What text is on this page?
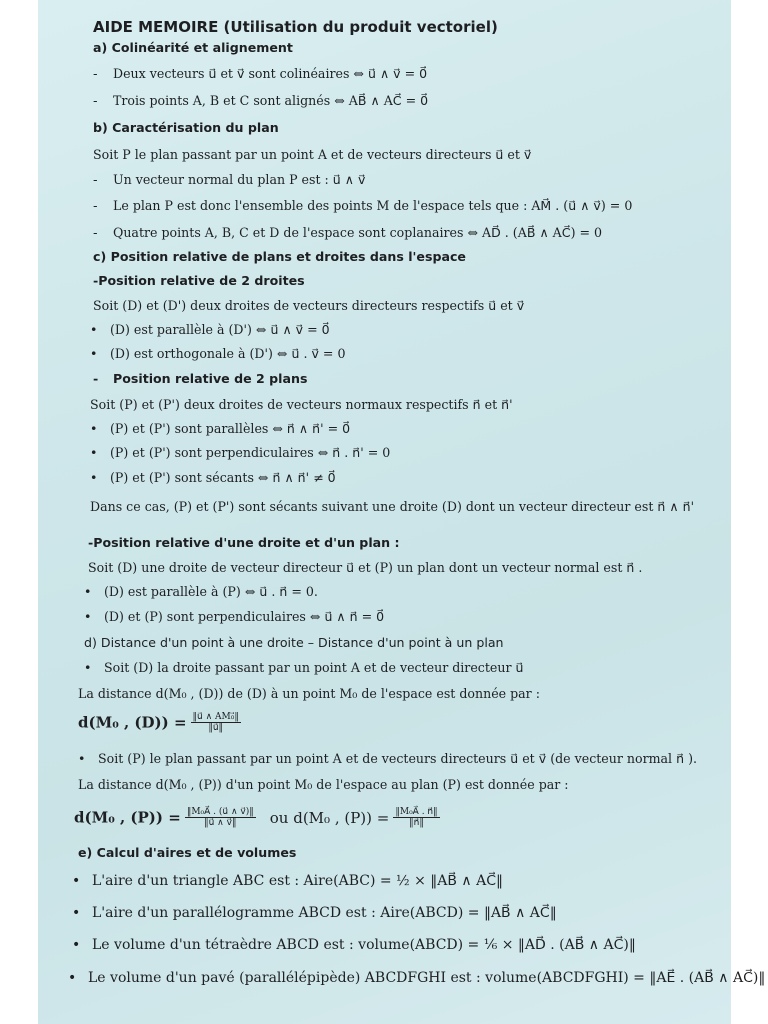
AIDE MEMOIRE (Utilisation du produit vectoriel)
a) Colinéarité et alignement
- Deux vecteurs u⃗ et v⃗ sont colinéaires ⇔ u⃗ ∧ v⃗ = 0⃗
- Trois points A, B et C sont alignés ⇔ AB⃗ ∧ AC⃗ = 0⃗
b) Caractérisation du plan
Soit P le plan passant par un point A et de vecteurs directeurs u⃗ et v⃗
- Un vecteur normal du plan P est : u⃗ ∧ v⃗
- Le plan P est donc l'ensemble des points M de l'espace tels que : AM⃗ . (u⃗ ∧ v⃗) = 0
- Quatre points A, B, C et D de l'espace sont coplanaires ⇔ AD⃗ . (AB⃗ ∧ AC⃗) = 0
c) Position relative de plans et droites dans l'espace
-Position relative de 2 droites
Soit (D) et (D') deux droites de vecteurs directeurs respectifs u⃗ et v⃗
• (D) est parallèle à (D') ⇔ u⃗ ∧ v⃗ = 0⃗
• (D) est orthogonale à (D') ⇔ u⃗ . v⃗ = 0
- Position relative de 2 plans
Soit (P) et (P') deux droites de vecteurs normaux respectifs n⃗ et n⃗'
• (P) et (P') sont parallèles ⇔ n⃗ ∧ n⃗' = 0⃗
• (P) et (P') sont perpendiculaires ⇔ n⃗ . n⃗' = 0
• (P) et (P') sont sécants ⇔ n⃗ ∧ n⃗' ≠ 0⃗
Dans ce cas, (P) et (P') sont sécants suivant une droite (D) dont un vecteur directeur est n⃗ ∧ n⃗'
-Position relative d'une droite et d'un plan :
Soit (D) une droite de vecteur directeur u⃗ et (P) un plan dont un vecteur normal est n⃗ .
• (D) est parallèle à (P) ⇔ u⃗ . n⃗ = 0.
• (D) et (P) sont perpendiculaires ⇔ u⃗ ∧ n⃗ = 0⃗
d) Distance d'un point à une droite – Distance d'un point à un plan
• Soit (D) la droite passant par un point A et de vecteur directeur u⃗
La distance d(M₀ , (D)) de (D) à un point M₀ de l'espace est donnée par :
d(M₀ , $(D)) = \frac{\text{‖u⃗ ∧ AM₀⃗‖}}{‖u⃗‖}$
• Soit (P) le plan passant par un point A et de vecteurs directeurs u⃗ et v⃗ (de vecteur normal n⃗ ).
La distance d(M₀ , (P)) d'un point M₀ de l'espace au plan (P) est donnée par :
d(M₀ , $(P)) = \frac{\text{‖M₀A⃗ . (u⃗ ∧ v⃗)‖}}{‖u⃗ \wedge v⃗‖}$ ou d(M₀ , $(P)) = \frac{\text{‖M₀A⃗ . n⃗‖}}{‖n⃗‖}$
e) Calcul d'aires et de volumes
• L'aire d'un triangle ABC est : Aire(ABC) = ½ × ‖AB⃗ ∧ AC⃗‖
• L'aire d'un parallélogramme ABCD est : Aire(ABCD) = ‖AB⃗ ∧ AC⃗‖
• Le volume d'un tétraèdre ABCD est : volume(ABCD) = ⅙ × ‖AD⃗ . (AB⃗ ∧ AC⃗)‖
• Le volume d'un pavé (parallélépipède) ABCDFGHI est : volume(ABCDFGHI) = ‖AE⃗ . (AB⃗ ∧ AC⃗)‖
